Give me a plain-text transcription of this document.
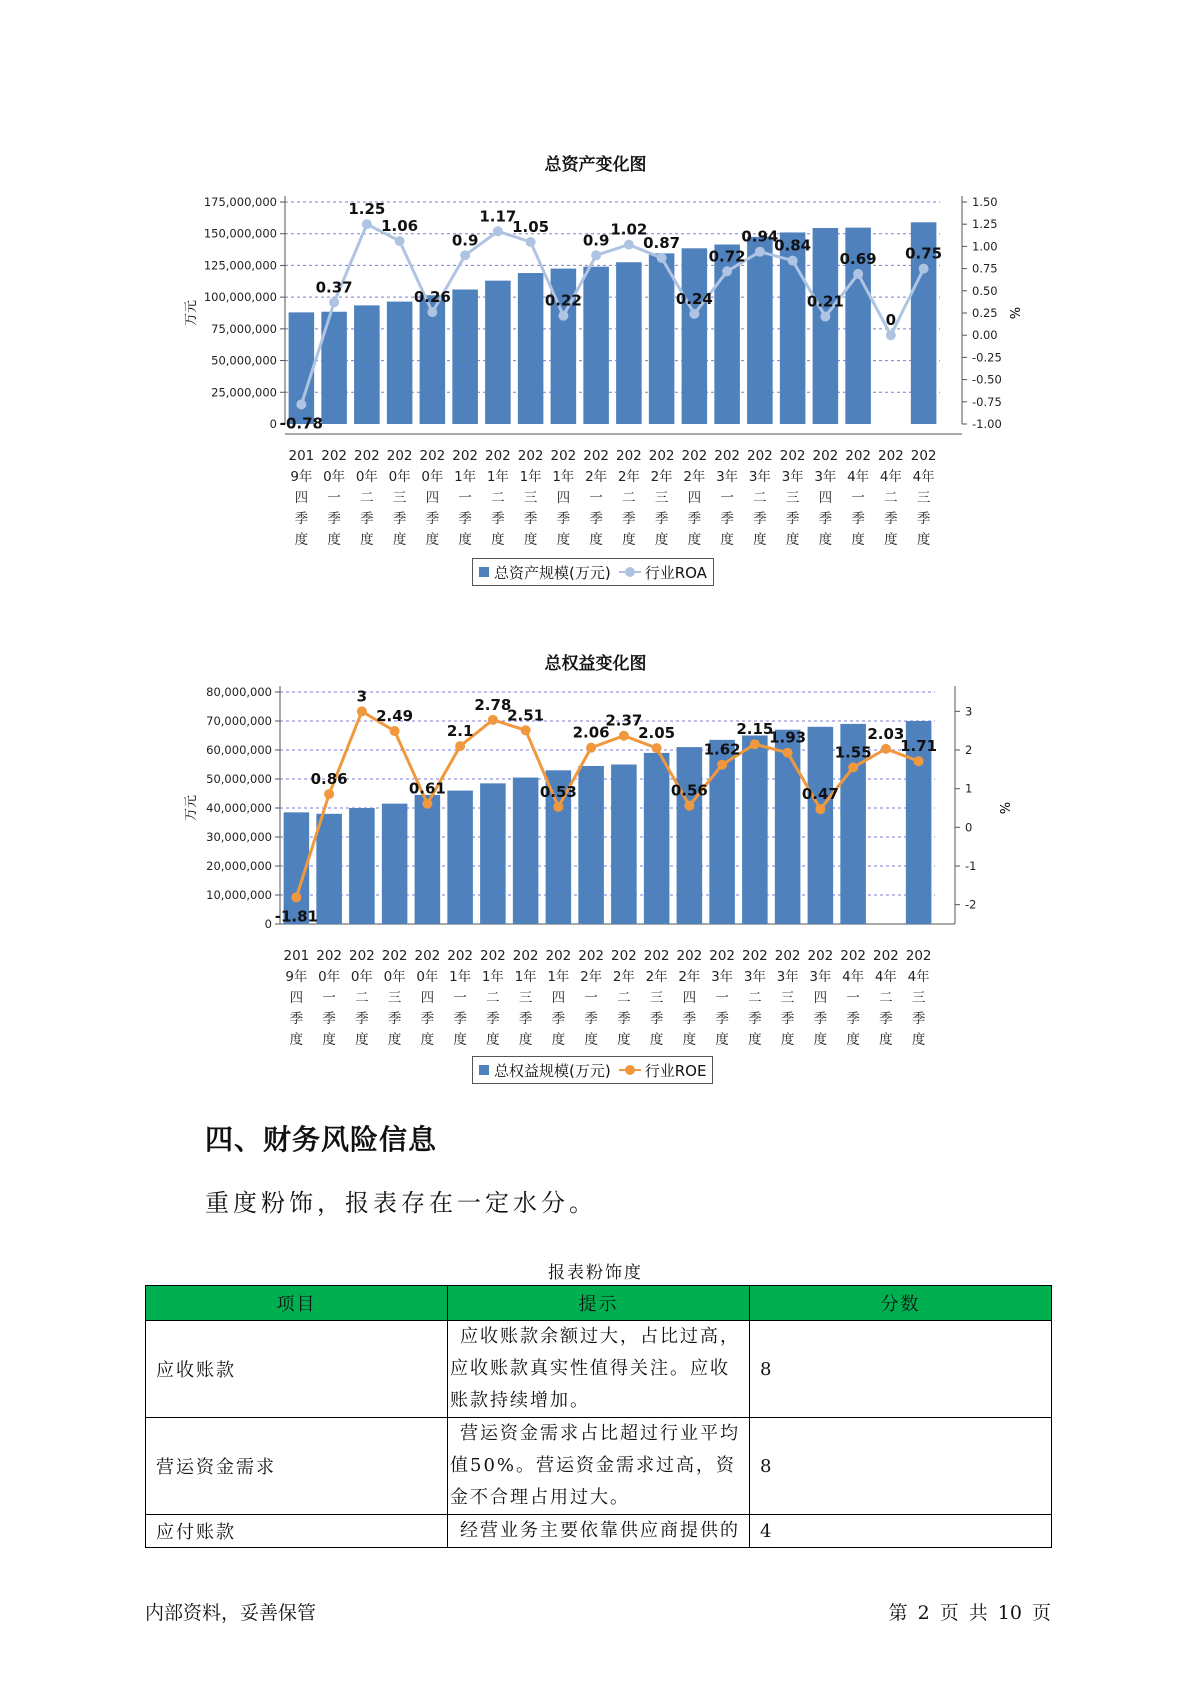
总资产变化图
175,000,000
150,000,000
125,000,000
100,000,000
75,000,000
50,000,000
25,000,000
0
1.50
1.25
1.00
0.75
0.50
0.25
0.00
-0.25
-0.50
-0.75
-1.00
万元	%
-0.78
0.37
1.25
1.06
0.26
0.9
1.17
1.05
0.22
0.9
1.02
0.87
0.24
0.72
0.94
0.84
0.21
0.69
0
0.75
201 9年四季度
202 0年一季度
202 0年二季度
202 0年三季度
202 0年四季度
202 1年一季度
202 1年二季度
202 1年三季度
202 1年四季度
202 2年一季度
202 2年二季度
202 2年三季度
202 2年四季度
202 3年一季度
202 3年二季度
202 3年三季度
202 3年四季度
202 4年一季度
202 4年二季度
202 4年三季度
总资产规模(万元) 行业ROA
总权益变化图
80,000,000
70,000,000
60,000,000
50,000,000
40,000,000
30,000,000
20,000,000
10,000,000
0
3
2
1
0
-1
-2
万元	%
-1.81
0.86
3
2.49
0.61
2.1
2.78
2.51
0.53
2.06
2.37
2.05
0.56
1.62
2.15
1.93
0.47
1.55
2.03
1.71
201 9年四季度
202 0年一季度
202 0年二季度
202 0年三季度
202 0年四季度
202 1年一季度
202 1年二季度
202 1年三季度
202 1年四季度
202 2年一季度
202 2年二季度
202 2年三季度
202 2年四季度
202 3年一季度
202 3年二季度
202 3年三季度
202 3年四季度
202 4年一季度
202 4年二季度
202 4年三季度
总权益规模(万元) 行业ROE
四、财务风险信息
重度粉饰，报表存在一定水分。
报表粉饰度
项目	提示	分数
应收账款	应收账款余额过大，占比过高，应收账款真实性值得关注。应收账款持续增加。	8
营运资金需求	营运资金需求占比超过行业平均值50%。营运资金需求过高，资金不合理占用过大。	8
应付账款	经营业务主要依靠供应商提供的	4
内部资料，妥善保管	第 2 页 共 10 页
